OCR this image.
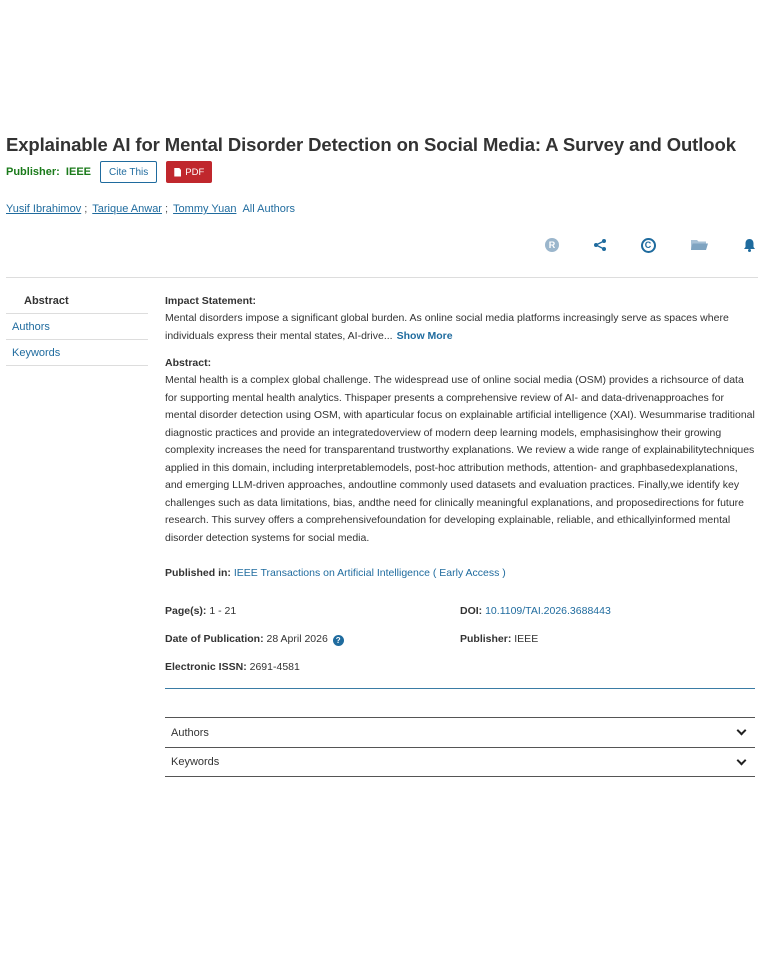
Explainable AI for Mental Disorder Detection on Social Media: A Survey and Outlook
Publisher: IEEE	Cite This	PDF
Yusif Ibrahimov ; Tarique Anwar ; Tommy Yuan All Authors
R	C
Abstract
Authors
Keywords
Impact Statement:
Mental disorders impose a significant global burden. As online social media platforms increasingly serve as spaces where individuals express their mental states, AI-drive... Show More
Abstract:
Mental health is a complex global challenge. The widespread use of online social media (OSM) provides a richsource of data for supporting mental health analytics. Thispaper presents a comprehensive review of AI- and data-drivenapproaches for mental disorder detection using OSM, with aparticular focus on explainable artificial intelligence (XAI). Wesummarise traditional diagnostic practices and provide an integratedoverview of modern deep learning models, emphasisinghow their growing complexity increases the need for transparentand trustworthy explanations. We review a wide range of explainabilitytechniques applied in this domain, including interpretablemodels, post-hoc attribution methods, attention- and graphbasedexplanations, and emerging LLM-driven approaches, andoutline commonly used datasets and evaluation practices. Finally,we identify key challenges such as data limitations, bias, andthe need for clinically meaningful explanations, and proposedirections for future research. This survey offers a comprehensivefoundation for developing explainable, reliable, and ethicallyinformed mental disorder detection systems for social media.
Published in: IEEE Transactions on Artificial Intelligence ( Early Access )
Page(s): 1 - 21	DOI: 10.1109/TAI.2026.3688443
Date of Publication: 28 April 2026 ?	Publisher: IEEE
Electronic ISSN: 2691-4581
Authors
Keywords
